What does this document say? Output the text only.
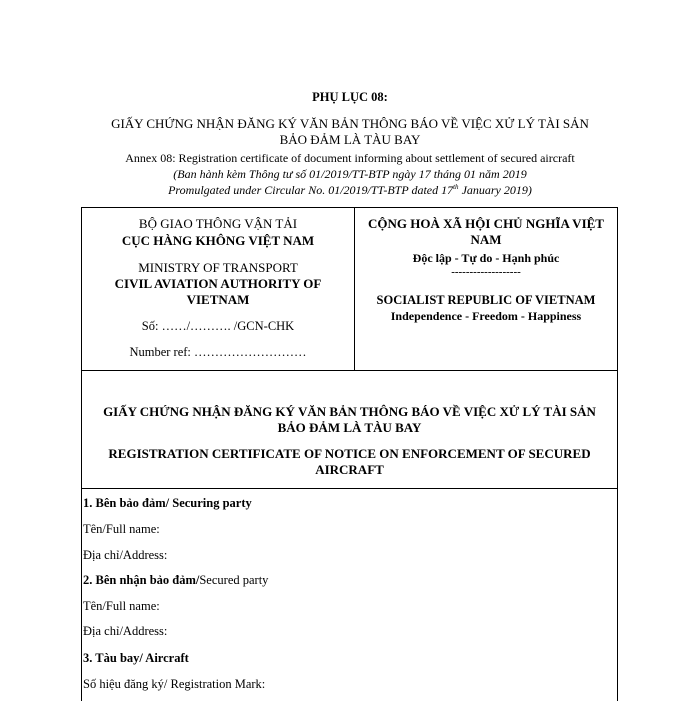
PHỤ LỤC 08:
GIẤY CHỨNG NHẬN ĐĂNG KÝ VĂN BẢN THÔNG BÁO VỀ VIỆC XỬ LÝ TÀI SẢN
BẢO ĐẢM LÀ TÀU BAY
Annex 08: Registration certificate of document informing about settlement of secured aircraft
(Ban hành kèm Thông tư số 01/2019/TT-BTP ngày 17 tháng 01 năm 2019
Promulgated under Circular No. 01/2019/TT-BTP dated 17th January 2019)
BỘ GIAO THÔNG VẬN TẢI
CỤC HÀNG KHÔNG VIỆT NAM
MINISTRY OF TRANSPORT
CIVIL AVIATION AUTHORITY OF
VIETNAM
Số: ……/………. /GCN-CHK
Number ref: ………………………
CỘNG HOÀ XÃ HỘI CHỦ NGHĨA VIỆT
NAM
Độc lập - Tự do - Hạnh phúc
-------------------
SOCIALIST REPUBLIC OF VIETNAM
Independence - Freedom - Happiness
GIẤY CHỨNG NHẬN ĐĂNG KÝ VĂN BẢN THÔNG BÁO VỀ VIỆC XỬ LÝ TÀI SẢN
BẢO ĐẢM LÀ TÀU BAY
REGISTRATION CERTIFICATE OF NOTICE ON ENFORCEMENT OF SECURED
AIRCRAFT
1. Bên bảo đảm/ Securing party
Tên/Full name:
Địa chỉ/Address:
2. Bên nhận bảo đảm/Secured party
Tên/Full name:
Địa chỉ/Address:
3. Tàu bay/ Aircraft
Số hiệu đăng ký/ Registration Mark:
